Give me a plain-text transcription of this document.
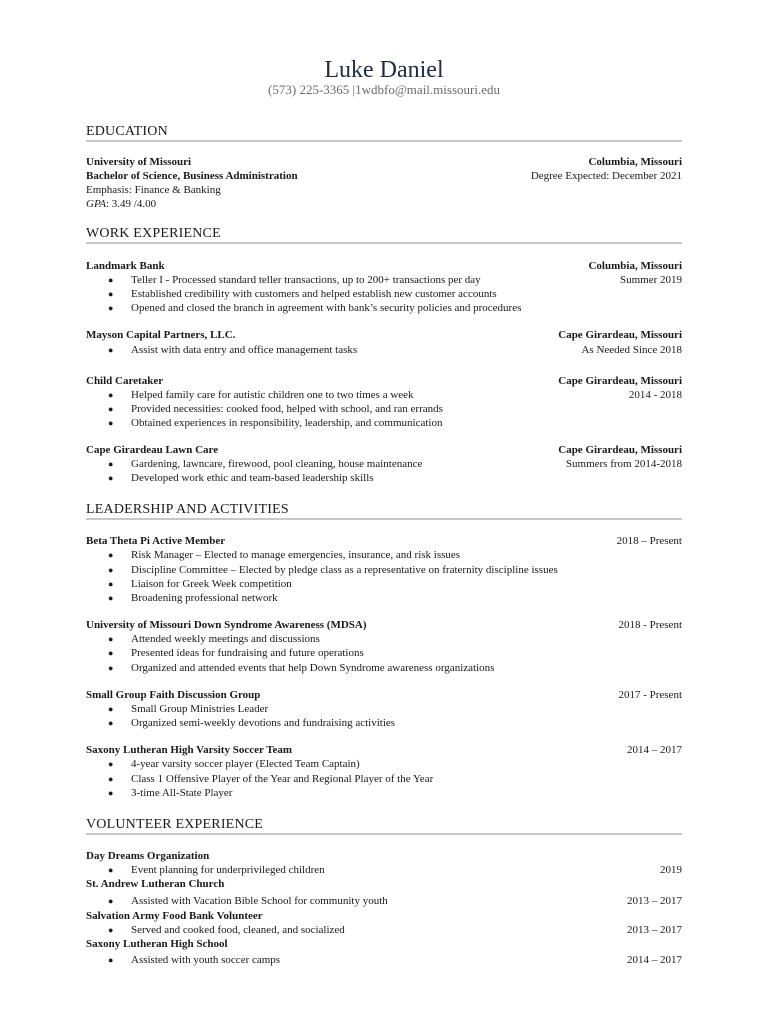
Luke Daniel
(573) 225-3365 |1wdbfo@mail.missouri.edu
EDUCATION
University of Missouri	Columbia, Missouri
Bachelor of Science, Business Administration	Degree Expected: December 2021
Emphasis: Finance & Banking
GPA: 3.49 /4.00
WORK EXPERIENCE
Landmark Bank	Columbia, Missouri
● Teller I - Processed standard teller transactions, up to 200+ transactions per day	Summer 2019
● Established credibility with customers and helped establish new customer accounts
● Opened and closed the branch in agreement with bank’s security policies and procedures
Mayson Capital Partners, LLC.	Cape Girardeau, Missouri
● Assist with data entry and office management tasks	As Needed Since 2018
Child Caretaker	Cape Girardeau, Missouri
● Helped family care for autistic children one to two times a week	2014 - 2018
● Provided necessities: cooked food, helped with school, and ran errands
● Obtained experiences in responsibility, leadership, and communication
Cape Girardeau Lawn Care	Cape Girardeau, Missouri
● Gardening, lawncare, firewood, pool cleaning, house maintenance	Summers from 2014-2018
● Developed work ethic and team-based leadership skills
LEADERSHIP AND ACTIVITIES
Beta Theta Pi Active Member	2018 – Present
● Risk Manager – Elected to manage emergencies, insurance, and risk issues
● Discipline Committee – Elected by pledge class as a representative on fraternity discipline issues
● Liaison for Greek Week competition
● Broadening professional network
University of Missouri Down Syndrome Awareness (MDSA)	2018 - Present
● Attended weekly meetings and discussions
● Presented ideas for fundraising and future operations
● Organized and attended events that help Down Syndrome awareness organizations
Small Group Faith Discussion Group	2017 - Present
● Small Group Ministries Leader
● Organized semi-weekly devotions and fundraising activities
Saxony Lutheran High Varsity Soccer Team	2014 – 2017
● 4-year varsity soccer player (Elected Team Captain)
● Class 1 Offensive Player of the Year and Regional Player of the Year
● 3-time All-State Player
VOLUNTEER EXPERIENCE
Day Dreams Organization
● Event planning for underprivileged children	2019
St. Andrew Lutheran Church
● Assisted with Vacation Bible School for community youth	2013 – 2017
Salvation Army Food Bank Volunteer
● Served and cooked food, cleaned, and socialized	2013 – 2017
Saxony Lutheran High School
● Assisted with youth soccer camps	2014 – 2017
